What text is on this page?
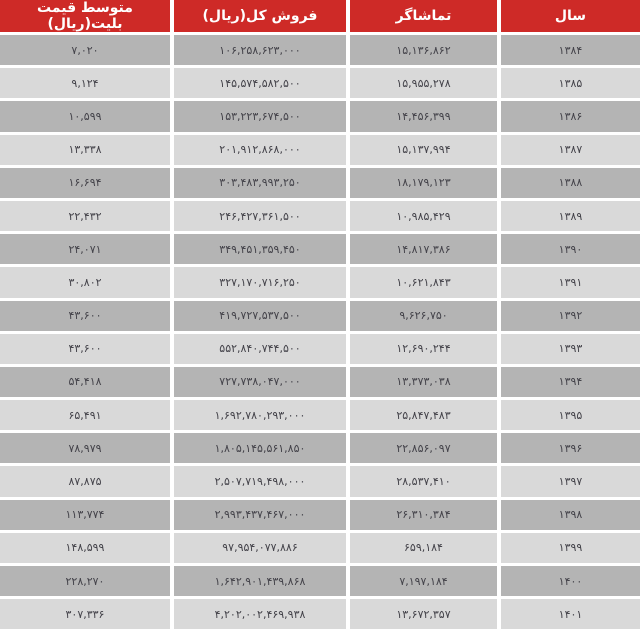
سال	تماشاگر	فروش کل(ریال)	متوسط قیمت بلیت(ریال)
۱۳۸۴	۱۵,۱۳۶,۸۶۲	۱۰۶,۲۵۸,۶۲۳,۰۰۰	۷,۰۲۰
۱۳۸۵	۱۵,۹۵۵,۲۷۸	۱۴۵,۵۷۴,۵۸۲,۵۰۰	۹,۱۲۴
۱۳۸۶	۱۴,۴۵۶,۳۹۹	۱۵۳,۲۲۳,۶۷۴,۵۰۰	۱۰,۵۹۹
۱۳۸۷	۱۵,۱۳۷,۹۹۴	۲۰۱,۹۱۲,۸۶۸,۰۰۰	۱۳,۳۳۸
۱۳۸۸	۱۸,۱۷۹,۱۲۳	۳۰۳,۴۸۳,۹۹۳,۲۵۰	۱۶,۶۹۴
۱۳۸۹	۱۰,۹۸۵,۴۲۹	۲۴۶,۴۲۷,۳۶۱,۵۰۰	۲۲,۴۳۲
۱۳۹۰	۱۴,۸۱۷,۳۸۶	۳۴۹,۴۵۱,۳۵۹,۴۵۰	۲۴,۰۷۱
۱۳۹۱	۱۰,۶۲۱,۸۴۳	۳۲۷,۱۷۰,۷۱۶,۲۵۰	۳۰,۸۰۲
۱۳۹۲	۹,۶۲۶,۷۵۰	۴۱۹,۷۲۷,۵۳۷,۵۰۰	۴۳,۶۰۰
۱۳۹۳	۱۲,۶۹۰,۲۴۴	۵۵۲,۸۴۰,۷۴۴,۵۰۰	۴۳,۶۰۰
۱۳۹۴	۱۳,۳۷۳,۰۳۸	۷۲۷,۷۳۸,۰۴۷,۰۰۰	۵۴,۴۱۸
۱۳۹۵	۲۵,۸۴۷,۴۸۳	۱,۶۹۲,۷۸۰,۲۹۳,۰۰۰	۶۵,۴۹۱
۱۳۹۶	۲۲,۸۵۶,۰۹۷	۱,۸۰۵,۱۴۵,۵۶۱,۸۵۰	۷۸,۹۷۹
۱۳۹۷	۲۸,۵۳۷,۴۱۰	۲,۵۰۷,۷۱۹,۴۹۸,۰۰۰	۸۷,۸۷۵
۱۳۹۸	۲۶,۳۱۰,۳۸۴	۲,۹۹۳,۴۳۷,۴۶۷,۰۰۰	۱۱۳,۷۷۴
۱۳۹۹	۶۵۹,۱۸۴	۹۷,۹۵۴,۰۷۷,۸۸۶	۱۴۸,۵۹۹
۱۴۰۰	۷,۱۹۷,۱۸۴	۱,۶۴۲,۹۰۱,۴۳۹,۸۶۸	۲۲۸,۲۷۰
۱۴۰۱	۱۳,۶۷۲,۳۵۷	۴,۲۰۲,۰۰۲,۴۶۹,۹۳۸	۳۰۷,۳۳۶
